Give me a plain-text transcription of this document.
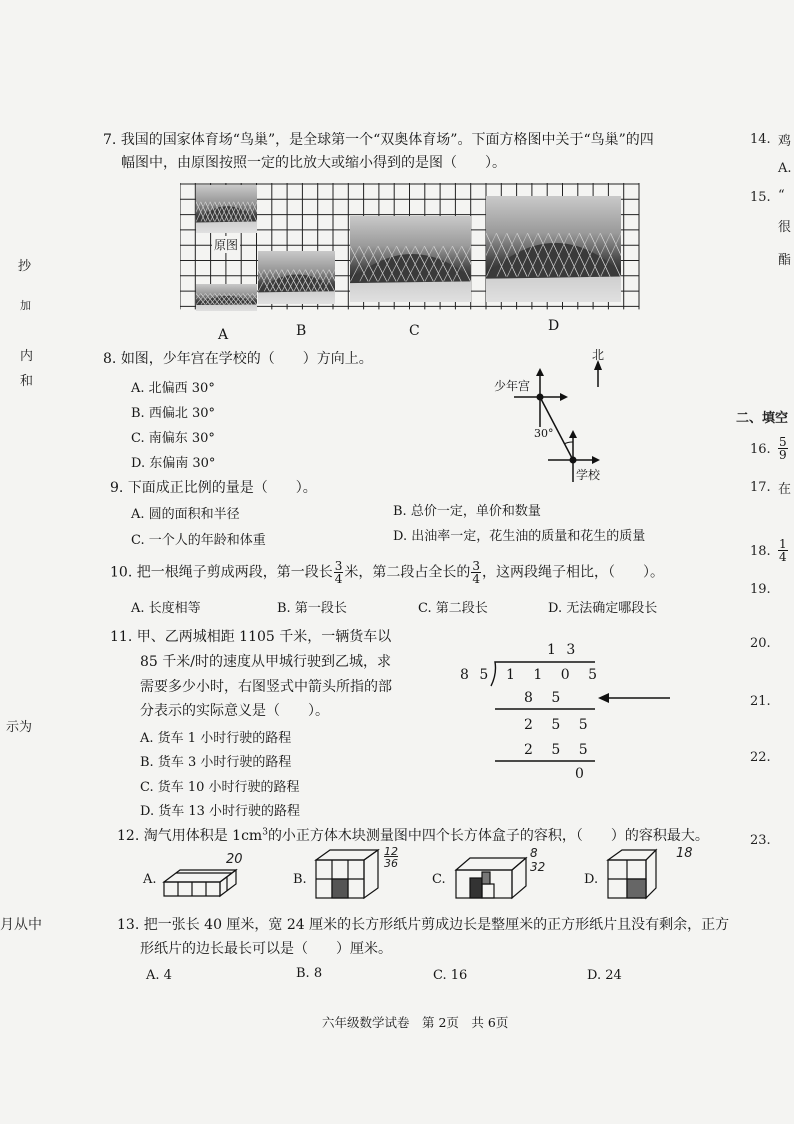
抄
加
内
和
示为
月从中
7. 我国的国家体育场“鸟巢”，是全球第一个“双奥体育场”。下面方格图中关于“鸟巢”的四
幅图中，由原图按照一定的比放大或缩小得到的是图（　　）。
原图
A	B	C	D
8. 如图，少年宫在学校的（　　）方向上。
A. 北偏西 30°
B. 西偏北 30°
C. 南偏东 30°
D. 东偏南 30°
北
少年宫
学校
30°
9. 下面成正比例的量是（　　）。
A. 圆的面积和半径	B. 总价一定，单价和数量
C. 一个人的年龄和体重	D. 出油率一定，花生油的质量和花生的质量
10. 把一根绳子剪成两段，第一段长 $\frac{3}{4}$ 米，第二段占全长的 $\frac{3}{4}$ ，这两段绳子相比，（　　）。
A. 长度相等	B. 第一段长	C. 第二段长	D. 无法确定哪段长
11. 甲、乙两城相距 1105 千米，一辆货车以
85 千米/时的速度从甲城行驶到乙城，求
需要多少小时，右图竖式中箭头所指的部
分表示的实际意义是（　　）。
A. 货车 1 小时行驶的路程
B. 货车 3 小时行驶的路程
C. 货车 10 小时行驶的路程
D. 货车 13 小时行驶的路程
1 3
8 5 1 1 0 5
8 5
2 5 5
2 5 5
0
12. 淘气用体积是 $1cm^3$的小正方体木块测量图中四个长方体盒子的容积，（　　）的容积最大。
A.
20
B.
12
36
C.
8
32
D.
18
13. 把一张长 40 厘米，宽 24 厘米的长方形纸片剪成边长是整厘米的正方形纸片且没有剩余，正方
形纸片的边长最长可以是（　　）厘米。
A. 4	B. 8	C. 16	D. 24
六年级数学试卷　第 2页　共 6页
14. 鸡
A.
15. “
很
酯
二、填空
16. $\frac{5}{9}$
17. 在
18. $\frac{1}{4}$
19.
20.
21.
22.
23.
